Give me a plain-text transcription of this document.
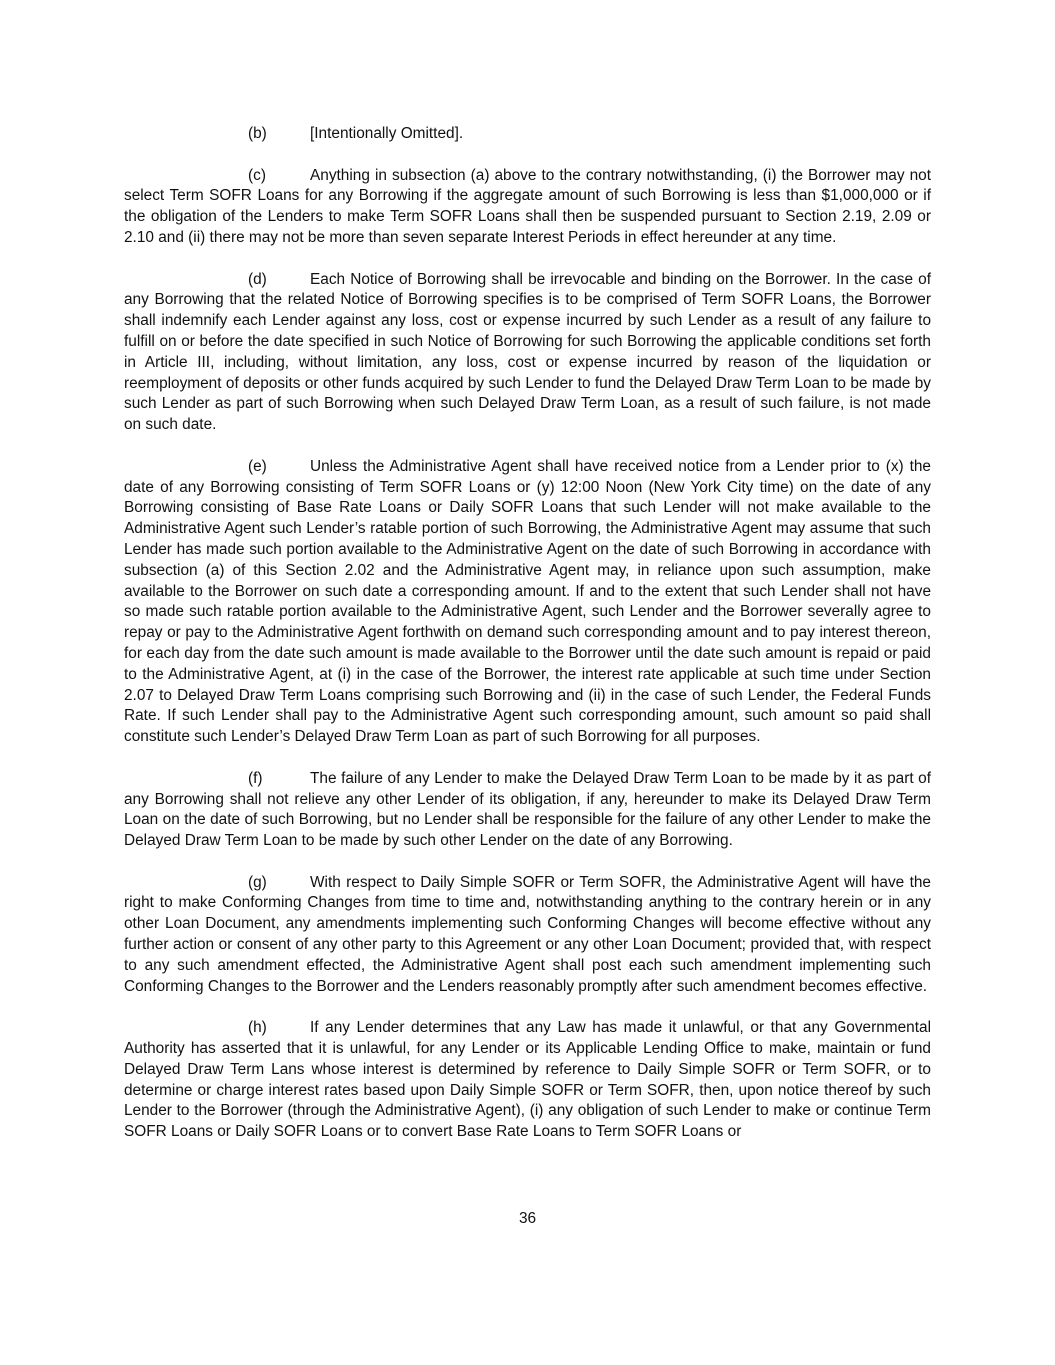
(b)	[Intentionally Omitted].

(c)	Anything in subsection (a) above to the contrary notwithstanding, (i) the Borrower may not select Term SOFR Loans for any Borrowing if the aggregate amount of such Borrowing is less than $1,000,000 or if the obligation of the Lenders to make Term SOFR Loans shall then be suspended pursuant to Section 2.19, 2.09 or 2.10 and (ii) there may not be more than seven separate Interest Periods in effect hereunder at any time.

(d)	Each Notice of Borrowing shall be irrevocable and binding on the Borrower. In the case of any Borrowing that the related Notice of Borrowing specifies is to be comprised of Term SOFR Loans, the Borrower shall indemnify each Lender against any loss, cost or expense incurred by such Lender as a result of any failure to fulfill on or before the date specified in such Notice of Borrowing for such Borrowing the applicable conditions set forth in Article III, including, without limitation, any loss, cost or expense incurred by reason of the liquidation or reemployment of deposits or other funds acquired by such Lender to fund the Delayed Draw Term Loan to be made by such Lender as part of such Borrowing when such Delayed Draw Term Loan, as a result of such failure, is not made on such date.

(e)	Unless the Administrative Agent shall have received notice from a Lender prior to (x) the date of any Borrowing consisting of Term SOFR Loans or (y) 12:00 Noon (New York City time) on the date of any Borrowing consisting of Base Rate Loans or Daily SOFR Loans that such Lender will not make available to the Administrative Agent such Lender’s ratable portion of such Borrowing, the Administrative Agent may assume that such Lender has made such portion available to the Administrative Agent on the date of such Borrowing in accordance with subsection (a) of this Section 2.02 and the Administrative Agent may, in reliance upon such assumption, make available to the Borrower on such date a corresponding amount. If and to the extent that such Lender shall not have so made such ratable portion available to the Administrative Agent, such Lender and the Borrower severally agree to repay or pay to the Administrative Agent forthwith on demand such corresponding amount and to pay interest thereon, for each day from the date such amount is made available to the Borrower until the date such amount is repaid or paid to the Administrative Agent, at (i) in the case of the Borrower, the interest rate applicable at such time under Section 2.07 to Delayed Draw Term Loans comprising such Borrowing and (ii) in the case of such Lender, the Federal Funds Rate. If such Lender shall pay to the Administrative Agent such corresponding amount, such amount so paid shall constitute such Lender’s Delayed Draw Term Loan as part of such Borrowing for all purposes.

(f)	The failure of any Lender to make the Delayed Draw Term Loan to be made by it as part of any Borrowing shall not relieve any other Lender of its obligation, if any, hereunder to make its Delayed Draw Term Loan on the date of such Borrowing, but no Lender shall be responsible for the failure of any other Lender to make the Delayed Draw Term Loan to be made by such other Lender on the date of any Borrowing.

(g)	With respect to Daily Simple SOFR or Term SOFR, the Administrative Agent will have the right to make Conforming Changes from time to time and, notwithstanding anything to the contrary herein or in any other Loan Document, any amendments implementing such Conforming Changes will become effective without any further action or consent of any other party to this Agreement or any other Loan Document; provided that, with respect to any such amendment effected, the Administrative Agent shall post each such amendment implementing such Conforming Changes to the Borrower and the Lenders reasonably promptly after such amendment becomes effective.

(h)	If any Lender determines that any Law has made it unlawful, or that any Governmental Authority has asserted that it is unlawful, for any Lender or its Applicable Lending Office to make, maintain or fund Delayed Draw Term Lans whose interest is determined by reference to Daily Simple SOFR or Term SOFR, or to determine or charge interest rates based upon Daily Simple SOFR or Term SOFR, then, upon notice thereof by such Lender to the Borrower (through the Administrative Agent), (i) any obligation of such Lender to make or continue Term SOFR Loans or Daily SOFR Loans or to convert Base Rate Loans to Term SOFR Loans or

36
